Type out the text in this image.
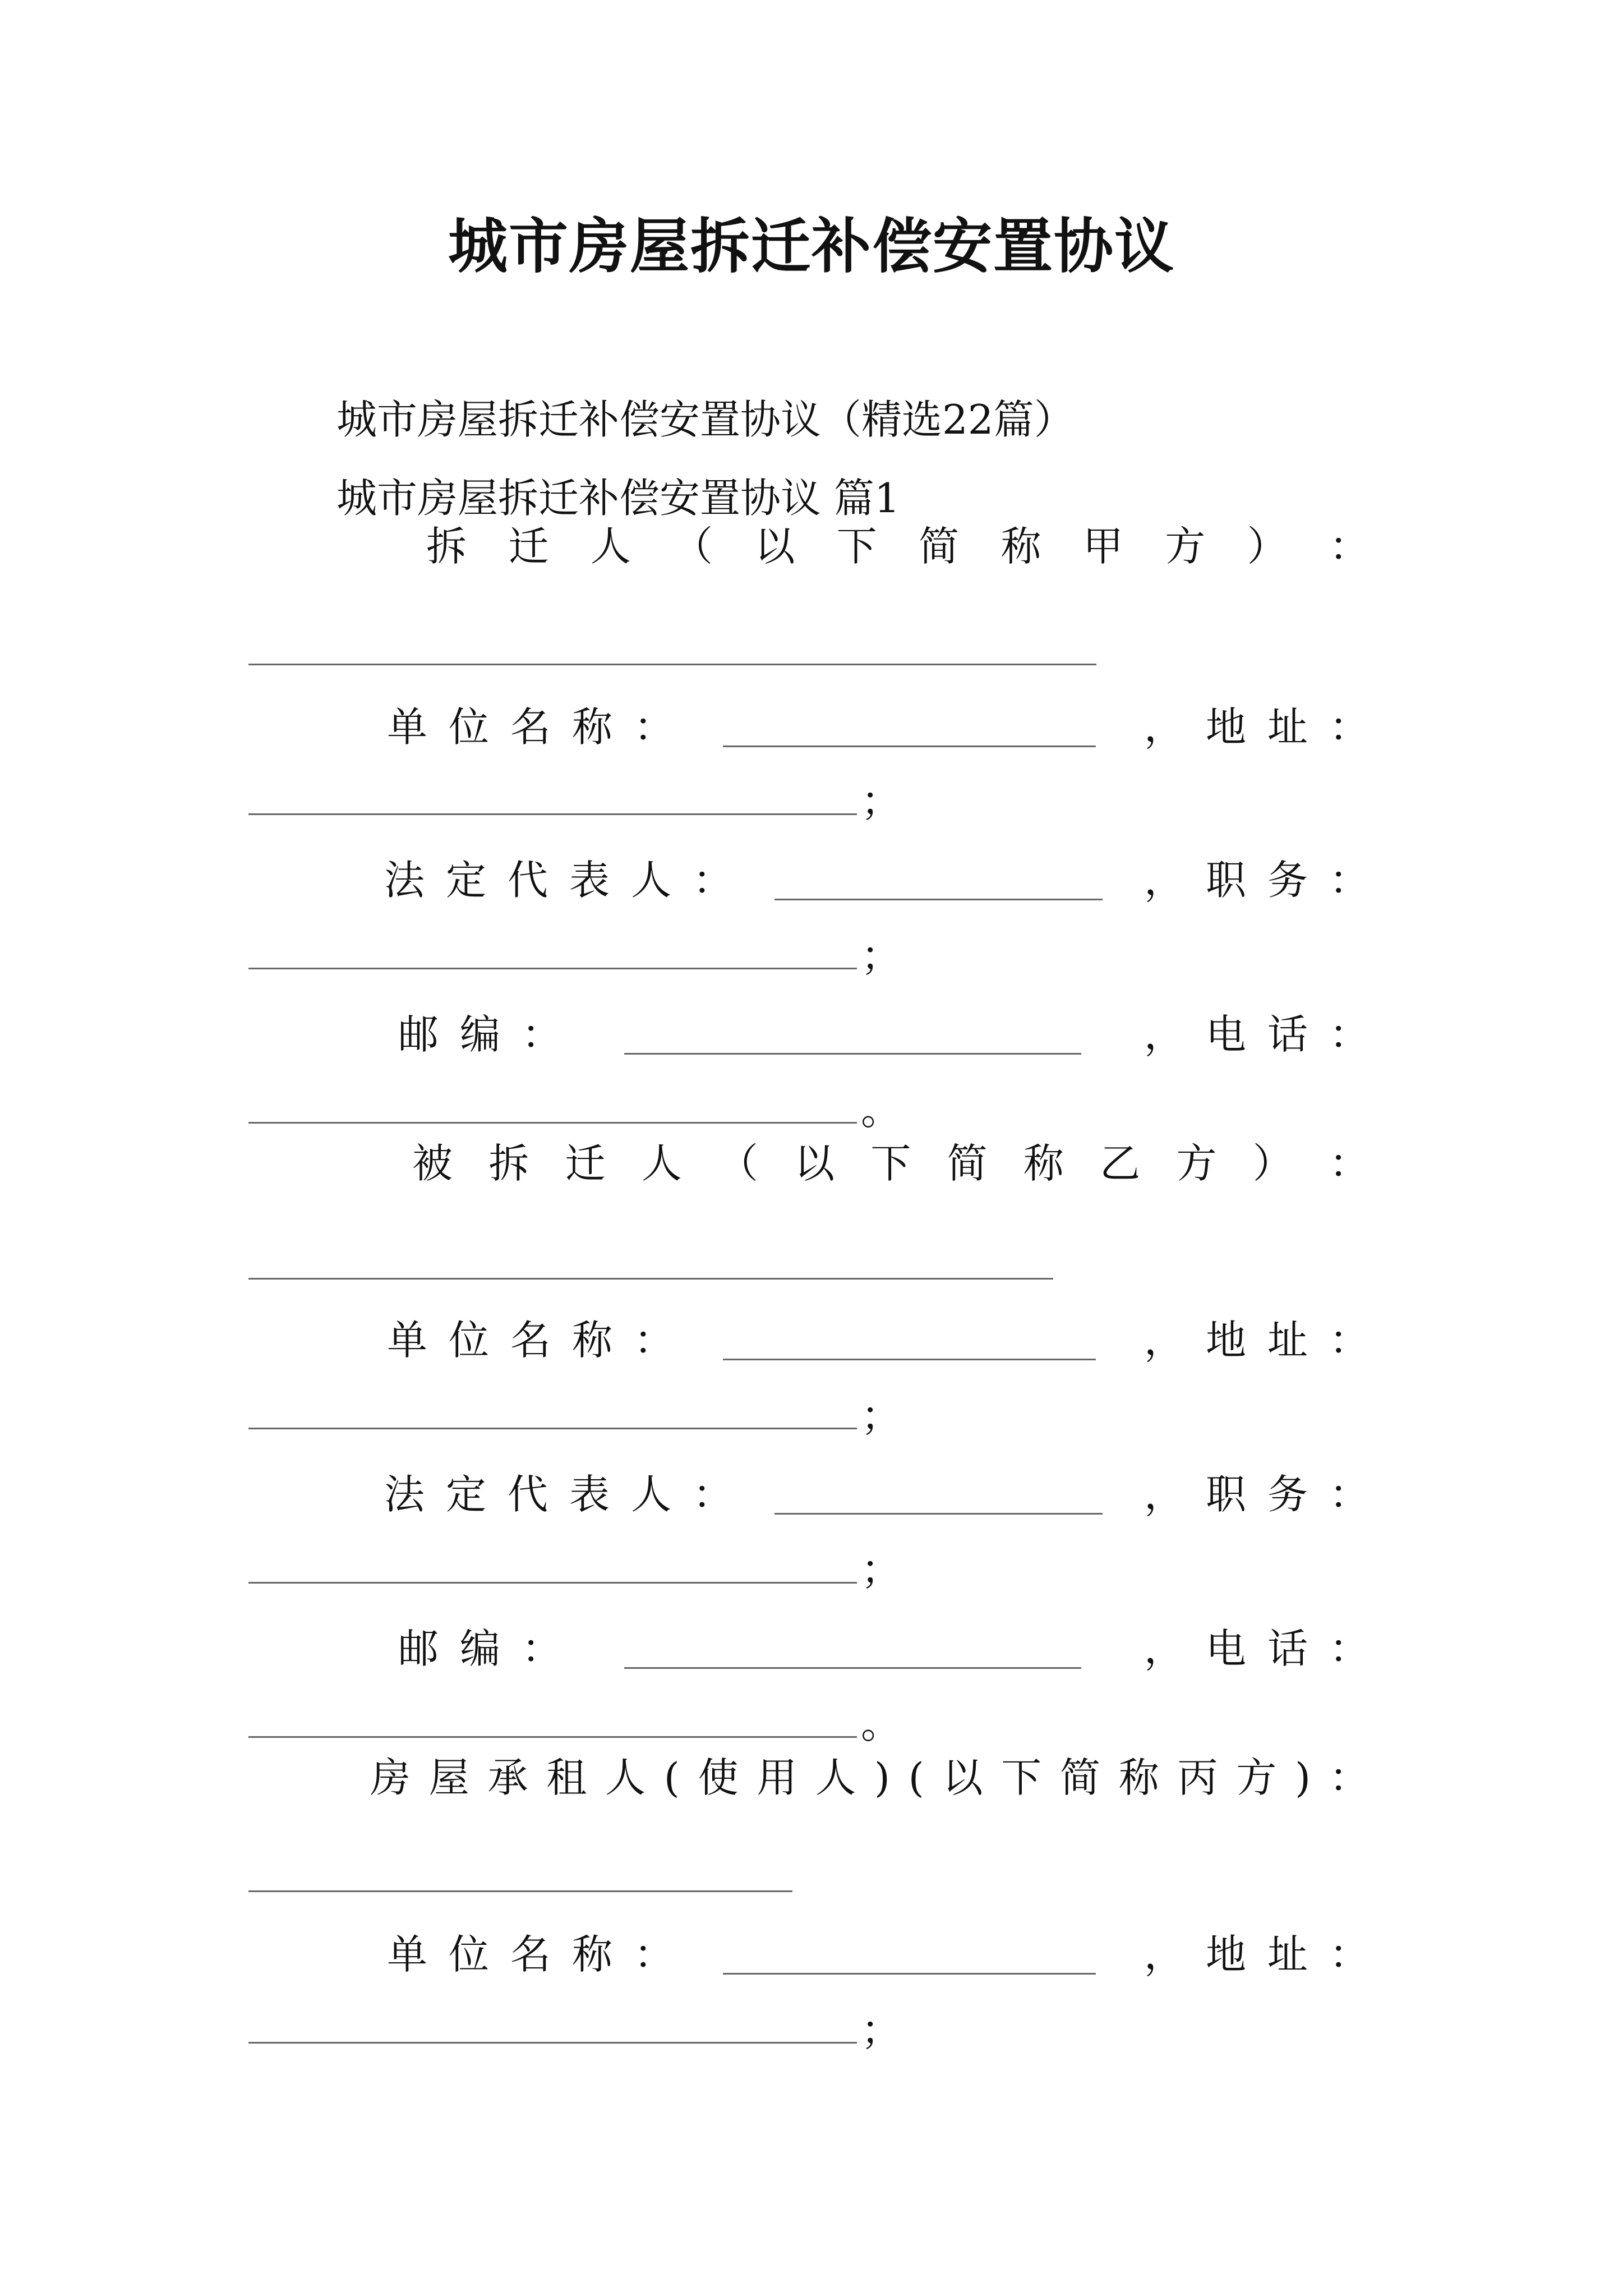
城市房屋拆迁补偿安置协议
城市房屋拆迁补偿安置协议（精选22篇）
城市房屋拆迁补偿安置协议 篇1
拆 迁 人 （ 以 下 简 称 甲 方 ） ：
单 位 名 称 ：	， 地 址 ：
；
法 定 代 表 人 ：	， 职 务 ：
；
邮 编 ：	， 电 话 ：
。
被 拆 迁 人 （ 以 下 简 称 乙 方 ） ：
单 位 名 称 ：	， 地 址 ：
；
法 定 代 表 人 ：	， 职 务 ：
；
邮 编 ：	， 电 话 ：
。
房 屋 承 租 人 ( 使 用 人 ) ( 以 下 简 称 丙 方 ) ：
单 位 名 称 ：	， 地 址 ：
；
